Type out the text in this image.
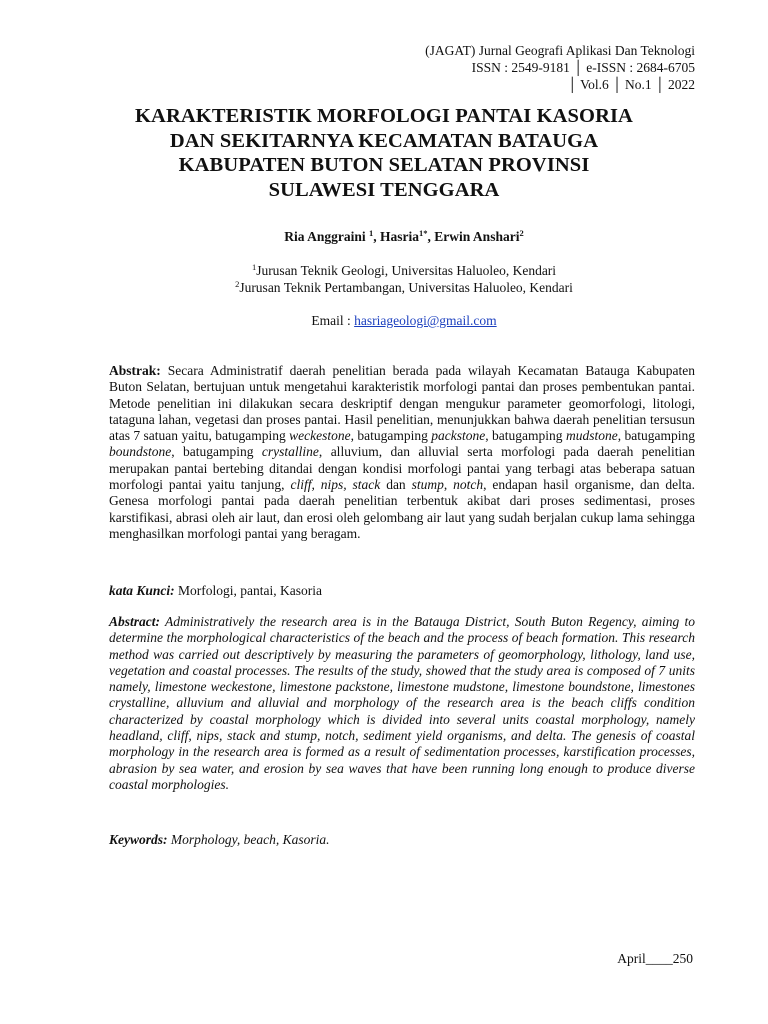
(JAGAT) Jurnal Geografi Aplikasi Dan Teknologi
ISSN : 2549-9181 │ e-ISSN : 2684-6705
│ Vol.6 │ No.1 │ 2022
KARAKTERISTIK MORFOLOGI PANTAI KASORIA
DAN SEKITARNYA KECAMATAN BATAUGA
KABUPATEN BUTON SELATAN PROVINSI
SULAWESI TENGGARA
Ria Anggraini $^1$, Hasria$^{1*}$, Erwin Anshari$^2$
$^1$Jurusan Teknik Geologi, Universitas Haluoleo, Kendari
$^2$Jurusan Teknik Pertambangan, Universitas Haluoleo, Kendari
Email : hasriageologi@gmail.com
Abstrak: Secara Administratif daerah penelitian berada pada wilayah Kecamatan Batauga Kabupaten Buton Selatan, bertujuan untuk mengetahui karakteristik morfologi pantai dan proses pembentukan pantai. Metode penelitian ini dilakukan secara deskriptif dengan mengukur parameter geomorfologi, litologi, tataguna lahan, vegetasi dan proses pantai. Hasil penelitian, menunjukkan bahwa daerah penelitian tersusun atas 7 satuan yaitu, batugamping weckestone, batugamping packstone, batugamping mudstone, batugamping boundstone, batugamping crystalline, alluvium, dan alluvial serta morfologi pada daerah penelitian merupakan pantai bertebing ditandai dengan kondisi morfologi pantai yang terbagi atas beberapa satuan morfologi pantai yaitu tanjung, cliff, nips, stack dan stump, notch, endapan hasil organisme, dan delta. Genesa morfologi pantai pada daerah penelitian terbentuk akibat dari proses sedimentasi, proses karstifikasi, abrasi oleh air laut, dan erosi oleh gelombang air laut yang sudah berjalan cukup lama sehingga menghasilkan morfologi pantai yang beragam.
kata Kunci: Morfologi, pantai, Kasoria
Abstract: Administratively the research area is in the Batauga District, South Buton Regency, aiming to determine the morphological characteristics of the beach and the process of beach formation. This research method was carried out descriptively by measuring the parameters of geomorphology, lithology, land use, vegetation and coastal processes. The results of the study, showed that the study area is composed of 7 units namely, limestone weckestone, limestone packstone, limestone mudstone, limestone boundstone, limestones crystalline, alluvium and alluvial and morphology of the research area is the beach cliffs condition characterized by coastal morphology which is divided into several units coastal morphology, namely headland, cliff, nips, stack and stump, notch, sediment yield organisms, and delta. The genesis of coastal morphology in the research area is formed as a result of sedimentation processes, karstification processes, abrasion by sea water, and erosion by sea waves that have been running long enough to produce diverse coastal morphologies.
Keywords: Morphology, beach, Kasoria.
April____250
